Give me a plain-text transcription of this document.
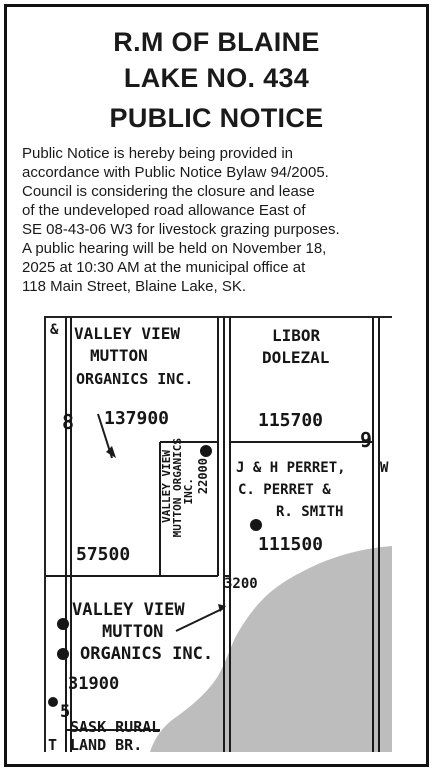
R.M OF BLAINE
LAKE NO. 434
PUBLIC NOTICE
Public Notice is hereby being provided in
accordance with Public Notice Bylaw 94/2005.
Council is considering the closure and lease
of the undeveloped road allowance East of
SE 08-43-06 W3 for livestock grazing purposes.
A public hearing will be held on November 18,
2025 at 10:30 AM at the municipal office at
118 Main Street, Blaine Lake, SK.
& VALLEY VIEW
MUTTON
ORGANICS INC.
137900
8
LIBOR
DOLEZAL
115700
9
VALLEY VIEW
MUTTON ORGANICS
INC. 22000
57500
J & H PERRET, W
C. PERRET &
R. SMITH
111500
3200
VALLEY VIEW
MUTTON
ORGANICS INC.
31900
5
SASK RURAL
T LAND BR.
